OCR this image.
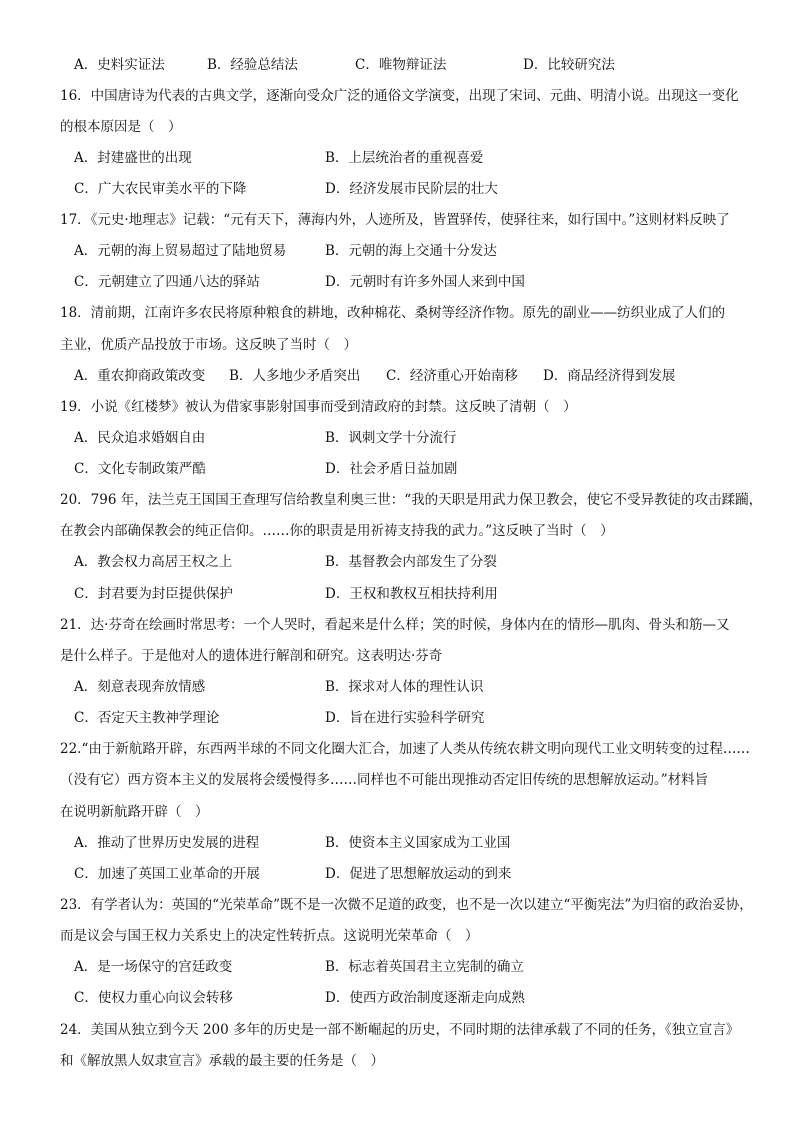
A．史料实证法	B．经验总结法	C．唯物辩证法	D．比较研究法
16．中国唐诗为代表的古典文学，逐渐向受众广泛的通俗文学演变，出现了宋词、元曲、明清小说。出现这一变化
的根本原因是（　）
A．封建盛世的出现	B．上层统治者的重视喜爱
C．广大农民审美水平的下降	D．经济发展市民阶层的壮大
17．《元史·地理志》记载：“元有天下，薄海内外，人迹所及，皆置驿传，使驿往来，如行国中。”这则材料反映了
A．元朝的海上贸易超过了陆地贸易	B．元朝的海上交通十分发达
C．元朝建立了四通八达的驿站	D．元朝时有许多外国人来到中国
18．清前期，江南许多农民将原种粮食的耕地，改种棉花、桑树等经济作物。原先的副业——纺织业成了人们的
主业，优质产品投放于市场。这反映了当时（　）
A．重农抑商政策改变 B．人多地少矛盾突出 C．经济重心开始南移 D．商品经济得到发展
19．小说《红楼梦》被认为借家事影射国事而受到清政府的封禁。这反映了清朝（　）
A．民众追求婚姻自由	B．讽刺文学十分流行
C．文化专制政策严酷	D．社会矛盾日益加剧
20．796 年，法兰克王国国王查理写信给教皇利奥三世：“我的天职是用武力保卫教会，使它不受异教徒的攻击蹂躏，
在教会内部确保教会的纯正信仰。……你的职责是用祈祷支持我的武力。”这反映了当时（　）
A．教会权力高居王权之上	B．基督教会内部发生了分裂
C．封君要为封臣提供保护	D．王权和教权互相扶持利用
21．达·芬奇在绘画时常思考：一个人哭时，看起来是什么样；笑的时候，身体内在的情形—肌肉、骨头和筋—又
是什么样子。于是他对人的遗体进行解剖和研究。这表明达·芬奇
A．刻意表现奔放情感	B．探求对人体的理性认识
C．否定天主教神学理论	D．旨在进行实验科学研究
22.“由于新航路开辟，东西两半球的不同文化圈大汇合，加速了人类从传统农耕文明向现代工业文明转变的过程……
（没有它）西方资本主义的发展将会缓慢得多……同样也不可能出现推动否定旧传统的思想解放运动。”材料旨
在说明新航路开辟（　）
A．推动了世界历史发展的进程	B．使资本主义国家成为工业国
C．加速了英国工业革命的开展	D．促进了思想解放运动的到来
23．有学者认为：英国的“光荣革命”既不是一次微不足道的政变，也不是一次以建立“平衡宪法”为归宿的政治妥协，
而是议会与国王权力关系史上的决定性转折点。这说明光荣革命（　）
A．是一场保守的宫廷政变	B．标志着英国君主立宪制的确立
C．使权力重心向议会转移	D．使西方政治制度逐渐走向成熟
24．美国从独立到今天 200 多年的历史是一部不断崛起的历史，不同时期的法律承载了不同的任务，《独立宣言》
和《解放黑人奴隶宣言》承载的最主要的任务是（　）
